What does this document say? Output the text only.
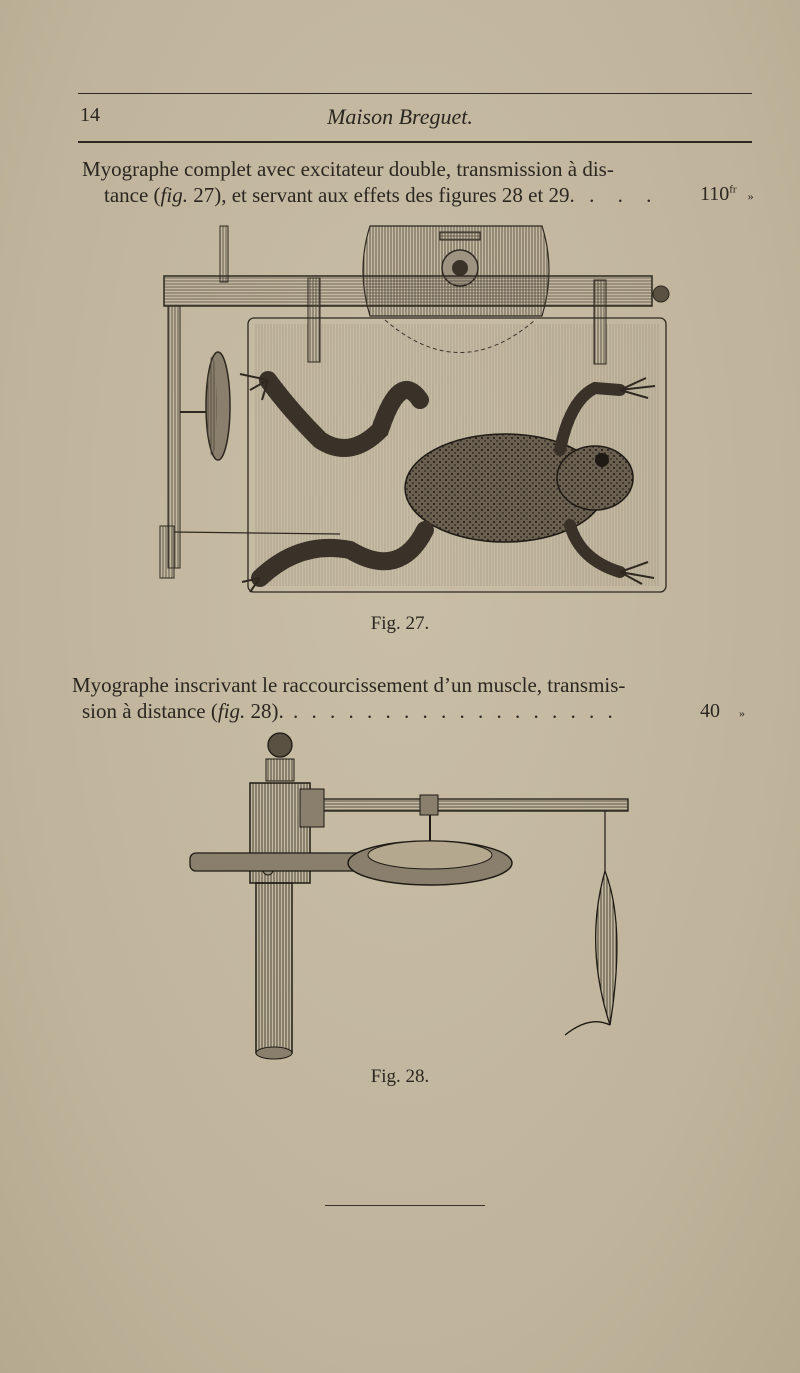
14	Maison Breguet.
Myographe complet avec excitateur double, transmission à dis-
tance (fig. 27), et servant aux effets des figures 28 et 29. . . .	$110^{fr}$ »
Fig. 27.
Myographe inscrivant le raccourcissement d’un muscle, transmis-
sion à distance (fig. 28). . . . . . . . . . . . . . . . . . .	40 »
Fig. 28.
